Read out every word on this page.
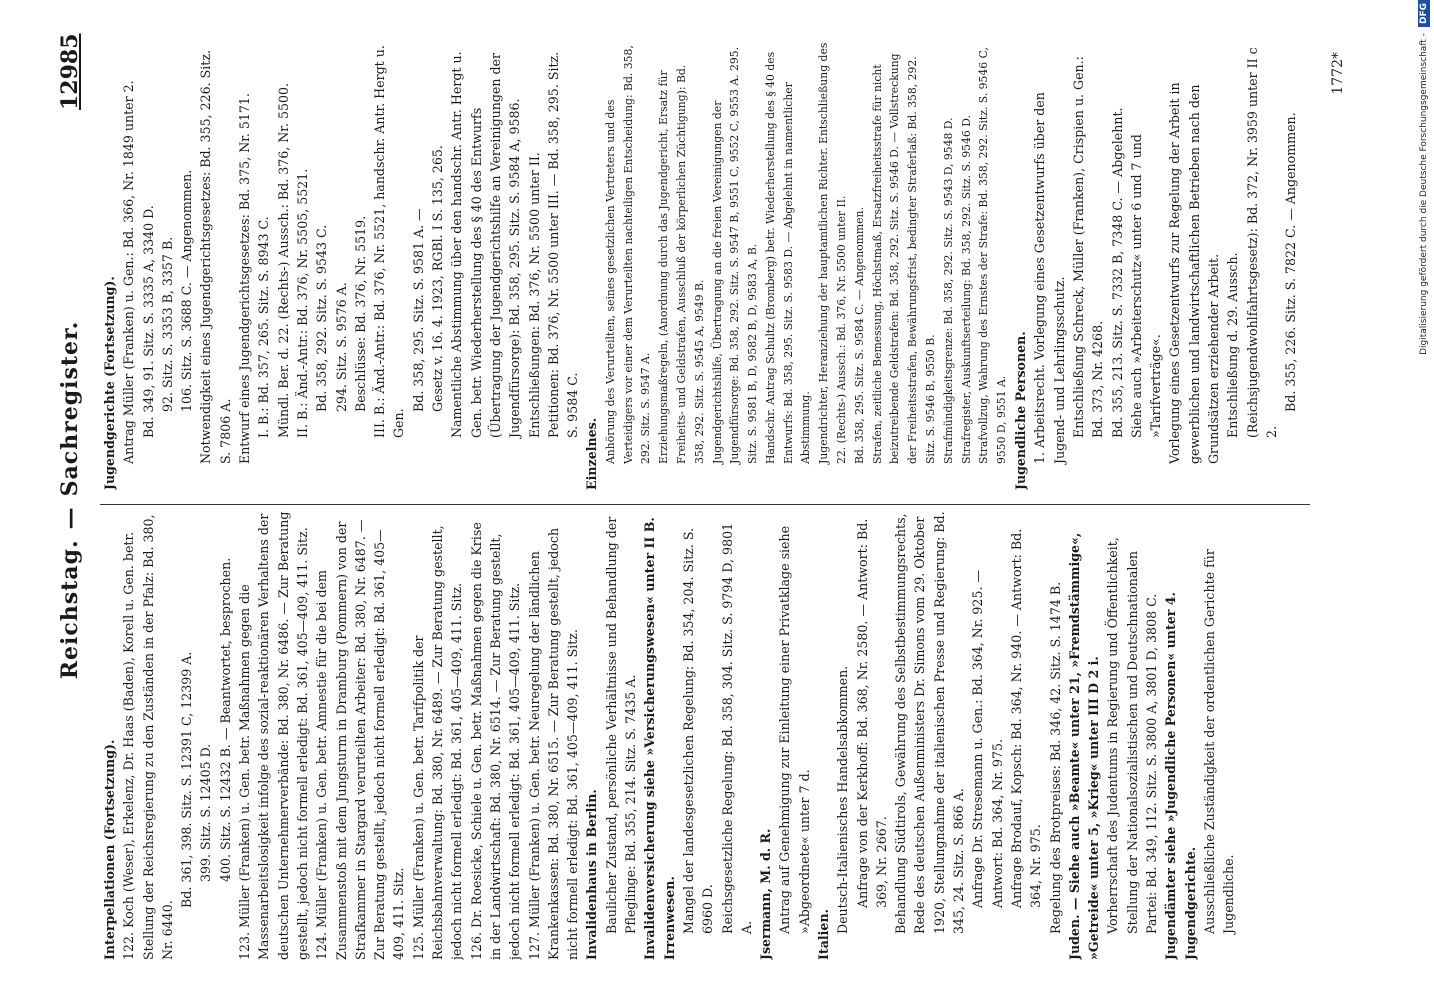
Reichstag.
—
Sachregister.
12985

Interpellationen (Fortsetzung). 122. Koch (Weser), Erkelenz, Dr. Haas (Baden), Korell u. Gen. betr. Stellung der Reichsregierung zu den Zuständen in der Pfalz: Bd. 380, Nr. 6440.

Bd. 361, 398. Sitz. S. 12391 C, 12399 A. 399. Sitz. S. 12405 D. 400. Sitz. S. 12432 B. — Beantwortet, besprochen. 123. Müller (Franken) u. Gen. betr. Maßnahmen gegen die Massenarbeitslosigkeit infolge des sozial-reaktionären Verhaltens der deutschen Unternehmerverbände: Bd. 380, Nr. 6486. — Zur Beratung gestellt, jedoch nicht formell erledigt: Bd. 361, 405—409, 411. Sitz. 124. Müller (Franken) u. Gen. betr. Amnestie für die bei dem Zusammenstoß mit dem Jungsturm in Dramburg (Pommern) von der Strafkammer in Stargard verurteilten Arbeiter: Bd. 380, Nr. 6487. — Zur Beratung gestellt, jedoch nicht formell erledigt: Bd. 361, 405—409, 411. Sitz. 125. Müller (Franken) u. Gen. betr. Tarifpolitik der Reichsbahnverwaltung: Bd. 380, Nr. 6489. — Zur Beratung gestellt, jedoch nicht formell erledigt: Bd. 361, 405—409, 411. Sitz. 126. Dr. Roesicke, Schiele u. Gen. betr. Maßnahmen gegen die Krise in der Landwirtschaft: Bd. 380, Nr. 6514. — Zur Beratung gestellt, jedoch nicht formell erledigt: Bd. 361, 405—409, 411. Sitz. 127. Müller (Franken) u. Gen. betr. Neuregelung der ländlichen Krankenkassen: Bd. 380, Nr. 6515. — Zur Beratung gestellt, jedoch nicht formell erledigt: Bd. 361, 405—409, 411. Sitz. Invalidenhaus in Berlin. Baulicher Zustand, persönliche Verhältnisse und Behandlung der Pfleglinge: Bd. 355, 214. Sitz. S. 7435 A. Invalidenversicherung siehe »Versicherungswesen« unter II B. Irrenwesen. Mangel der landesgesetzlichen Regelung: Bd. 354, 204. Sitz. S. 6960 D. Reichsgesetzliche Regelung: Bd. 358, 304. Sitz. S. 9794 D, 9801 A. Jsermann, M. d. R. Antrag auf Genehmigung zur Einleitung einer Privatklage siehe »Abgeordnete« unter 7 d.

Italien.

Deutsch-Italienisches Handelsabkommen. Anfrage von der Kerkhoff: Bd. 368, Nr. 2580. — Antwort: Bd. 369, Nr. 2667. Behandlung Südtirols, Gewährung des Selbstbestimmungsrechts, Rede des deutschen Außenministers Dr. Simons vom 29. Oktober 1920, Stellungnahme der italienischen Presse und Regierung: Bd. 345, 24. Sitz. S. 866 A. Anfrage Dr. Stresemann u. Gen.: Bd. 364, Nr. 925. — Antwort: Bd. 364, Nr. 975. Anfrage Brodauf, Kopsch: Bd. 364, Nr. 940. — Antwort: Bd. 364, Nr. 975. Regelung des Brotpreises: Bd. 346, 42. Sitz. S. 1474 B. Juden. — Siehe auch »Beamte« unter 21, »Fremdstämmige«, »Getreide« unter 5, »Krieg« unter III D 2 i. Vorherrschaft des Judentums in Regierung und Öffentlichkeit, Stellung der Nationalsozialistischen und Deutschnationalen Partei: Bd. 349, 112. Sitz. S. 3800 A, 3801 D, 3808 C. Jugendämter siehe »Jugendliche Personen« unter 4. Jugendgerichte. Ausschließliche Zuständigkeit der ordentlichen Gerichte für Jugendliche.

Jugendgerichte (Fortsetzung). Antrag Müller (Franken) u. Gen.: Bd. 366, Nr. 1849 unter 2. Bd. 349, 91. Sitz. S. 3335 A, 3340 D. 92. Sitz. S. 3353 B, 3357 B. 106. Sitz. S. 3688 C. — Angenommen. Notwendigkeit eines Jugendgerichtsgesetzes: Bd. 355, 226. Sitz. S. 7806 A. Entwurf eines Jugendgerichtsgesetzes: Bd. 375, Nr. 5171. I. B.: Bd. 357, 265. Sitz. S. 8943 C. Mündl. Ber. d. 22. (Rechts-) Aussch.: Bd. 376, Nr. 5500. II. B.: Änd.-Antr.: Bd. 376, Nr. 5505, 5521. Bd. 358, 292. Sitz. S. 9543 C. 294. Sitz. S. 9576 A. Beschlüsse: Bd. 376, Nr. 5519. III. B.: Änd.-Antr.: Bd. 376, Nr. 5521, handschr. Antr. Hergt u. Gen.

Bd. 358, 295. Sitz. S. 9581 A. — Gesetz v. 16. 4. 1923, RGBl. I S. 135, 265. Namentliche Abstimmung über den handschr. Antr. Hergt u. Gen. betr. Wiederherstellung des § 40 des Entwurfs (Übertragung der Jugendgerichtshilfe an Vereinigungen der Jugendfürsorge): Bd. 358, 295. Sitz. S. 9584 A, 9586. Entschließungen: Bd. 376, Nr. 5500 unter II. Petitionen: Bd. 376, Nr. 5500 unter III. — Bd. 358, 295. Sitz. S. 9584 C.

Einzelnes. Anhörung des Verurteilten, seines gesetzlichen Vertreters und des Verteidigers vor einer dem Verurteilten nachteiligen Entscheidung: Bd. 358, 292. Sitz. S. 9547 A. Erziehungsmaßregeln, (Anordnung durch das Jugendgericht, Ersatz für Freiheits- und Geldstrafen, Ausschluß der körperlichen Züchtigung): Bd. 358, 292. Sitz. S. 9545 A, 9549 B. Jugendgerichtshilfe, Übertragung an die freien Vereinigungen der Jugendfürsorge: Bd. 358, 292. Sitz. S. 9547 B, 9551 C, 9552 C, 9553 A. 295. Sitz. S. 9581 B, D, 9582 B, D, 9583 A, B. Handschr. Antrag Schultz (Bromberg) betr. Wiederherstellung des § 40 des Entwurfs: Bd. 358, 295. Sitz. S. 9583 D. — Abgelehnt in namentlicher Abstimmung. Jugendrichter, Heranziehung der hauptamtlichen Richter. Entschließung des 22. (Rechts-) Aussch.: Bd. 376, Nr. 5500 unter II. Bd. 358, 295. Sitz. S. 9584 C. — Angenommen. Strafen, zeitliche Bemessung, Höchstmaß, Ersatzfreiheitsstrafe für nicht beizutreibende Geldstrafen: Bd. 358, 292. Sitz. S. 9546 D. — Vollstreckung der Freiheitsstrafen, Bewährungsfrist, bedingter Straferlaß: Bd. 358, 292. Sitz. S. 9546 B, 9550 B. Strafmündigkeitsgrenze: Bd. 358, 292. Sitz. S. 9543 D, 9548 D. Strafregister, Auskunftserteilung: Bd. 358, 292. Sitz. S. 9546 D. Strafvollzug, Wahrung des Ernstes der Strafe: Bd. 358, 292. Sitz. S. 9546 C, 9550 D, 9551 A. Jugendliche Personen. 1. Arbeitsrecht. Vorlegung eines Gesetzentwurfs über den Jugend- und Lehrlingsschutz. Entschließung Schreck, Müller (Franken), Crispien u. Gen.: Bd. 373, Nr. 4268. Bd. 355, 213. Sitz. S. 7332 B, 7348 C. — Abgelehnt. Siehe auch »Arbeiterschutz« unter 6 und 7 und »Tarifverträge«. Vorlegung eines Gesetzentwurfs zur Regelung der Arbeit in gewerblichen und landwirtschaftlichen Betrieben nach den Grundsätzen erziehender Arbeit. Entschließung d. 29. Aussch. (Reichsjugendwohlfahrtsgesetz): Bd. 372, Nr. 3959 unter II c 2.

Bd. 355, 226. Sitz. S. 7822 C. — Angenommen.

1772*	Digitalisierung gefördert durch die Deutsche Forschungsgemeinschaft -
DFG
